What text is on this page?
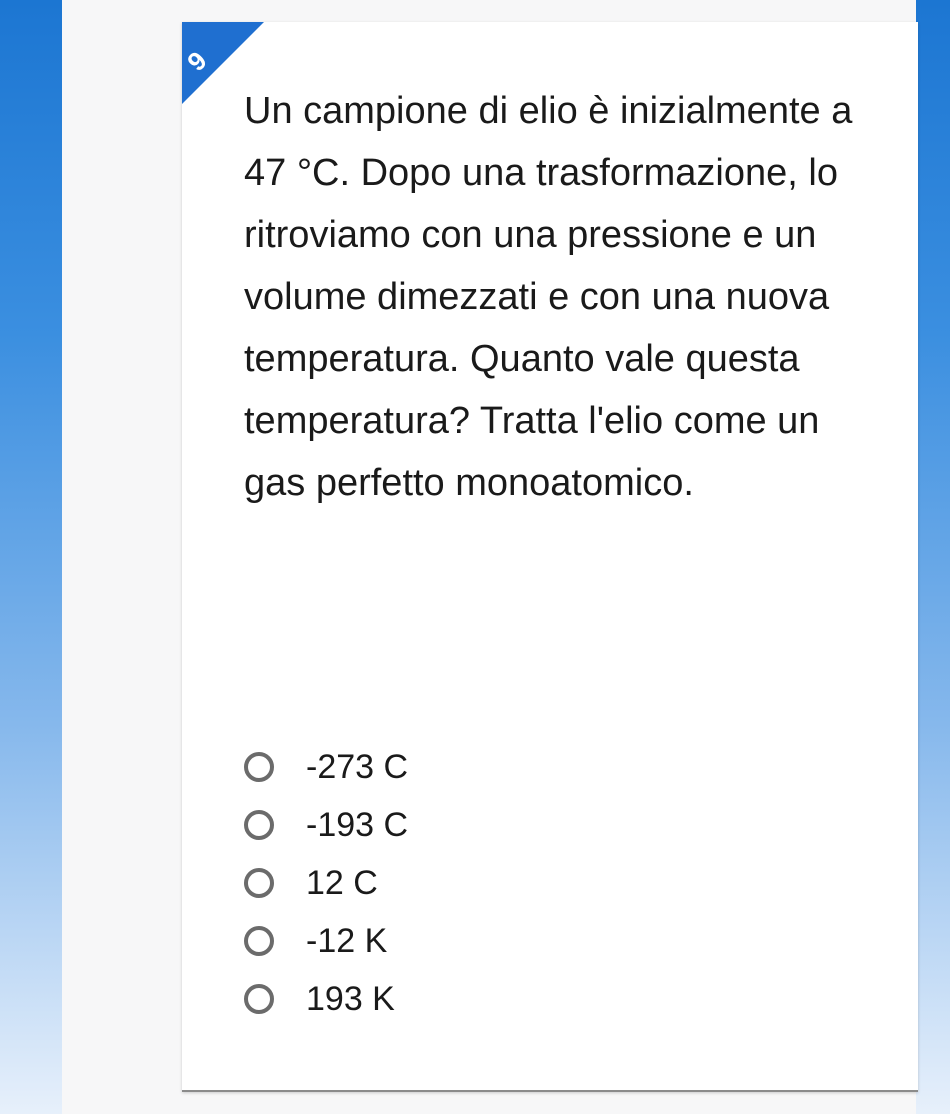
9

Un campione di elio è inizialmente a 47 °C. Dopo una trasformazione, lo ritroviamo con una pressione e un volume dimezzati e con una nuova temperatura. Quanto vale questa temperatura? Tratta l'elio come un gas perfetto monoatomico.

-273 C
-193 C
12 C
-12 K
193 K
